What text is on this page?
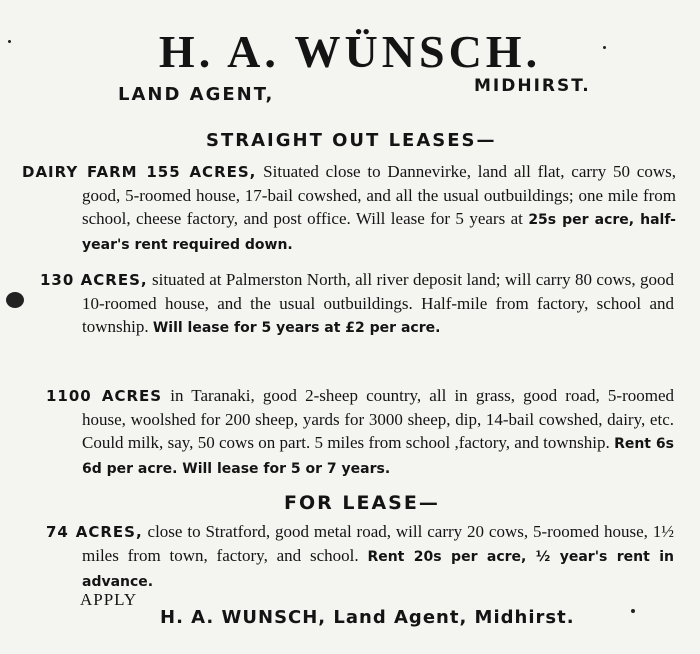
H. A. WÜNSCH.
LAND AGENT,	MIDHIRST.
STRAIGHT OUT LEASES—
DAIRY FARM 155 ACRES, Situated close to Dannevirke, land all flat, carry 50 cows, good, 5-roomed house, 17-bail cowshed, and all the usual outbuildings; one mile from school, cheese factory, and post office. Will lease for 5 years at 25s per acre, half-year's rent required down.
130 ACRES, situated at Palmerston North, all river deposit land; will carry 80 cows, good 10-roomed house, and the usual outbuildings. Half-mile from factory, school and township. Will lease for 5 years at £2 per acre.
1100 ACRES in Taranaki, good 2-sheep country, all in grass, good road, 5-roomed house, woolshed for 200 sheep, yards for 3000 sheep, dip, 14-bail cowshed, dairy, etc. Could milk, say, 50 cows on part. 5 miles from school ,factory, and township. Rent 6s 6d per acre. Will lease for 5 or 7 years.
FOR LEASE—
74 ACRES, close to Stratford, good metal road, will carry 20 cows, 5-roomed house, 1½ miles from town, factory, and school. Rent 20s per acre, ½ year's rent in advance.
APPLY
H. A. WUNSCH, Land Agent, Midhirst.
